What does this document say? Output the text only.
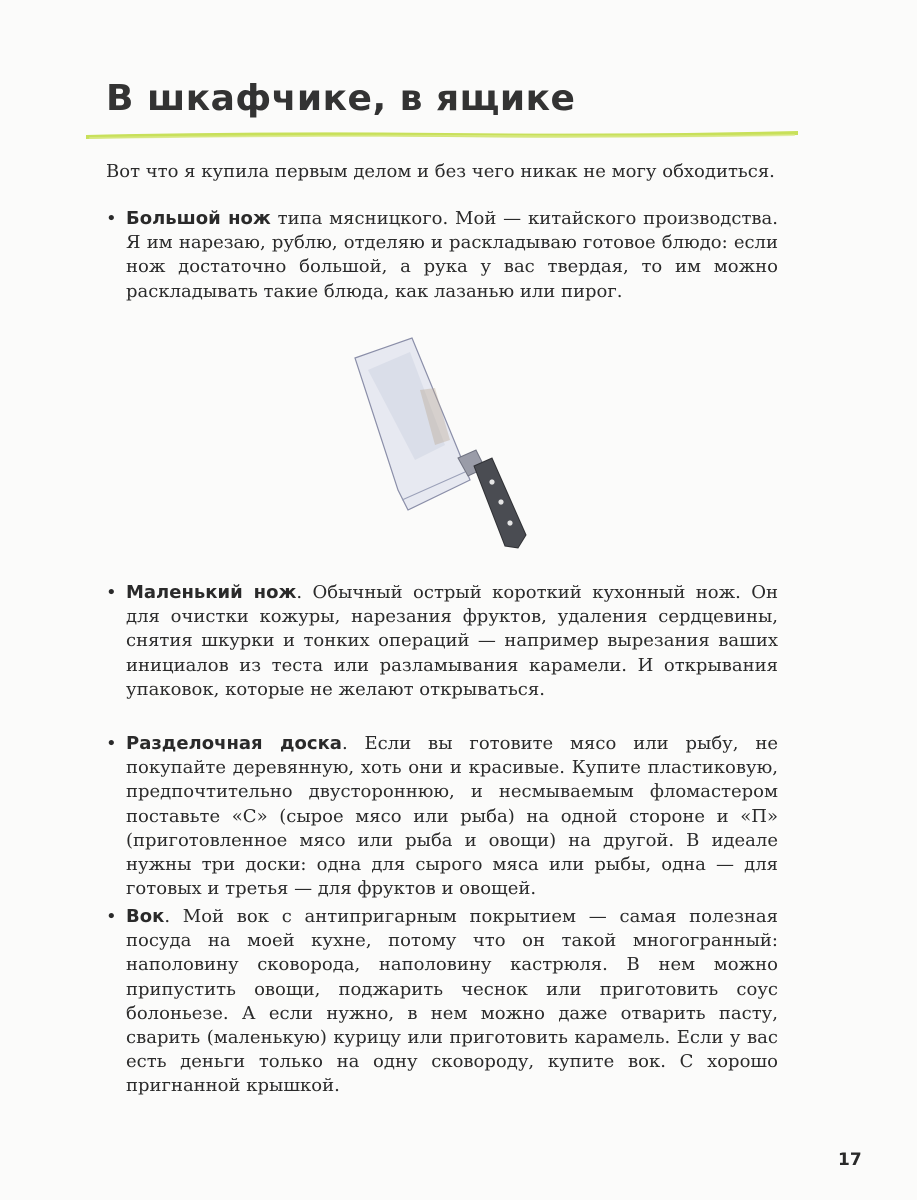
В шкафчике, в ящике

Вот что я купила первым делом и без чего никак не могу обходиться.

• Большой нож типа мясницкого. Мой — китайского производства. Я им нарезаю, рублю, отделяю и раскладываю готовое блюдо: если нож достаточно большой, а рука у вас твердая, то им можно раскладывать такие блюда, как лазанью или пирог.
• Маленький нож. Обычный острый короткий кухонный нож. Он для очистки кожуры, нарезания фруктов, удаления сердцевины, снятия шкурки и тонких операций — например вырезания ваших инициалов из теста или разламывания карамели. И открывания упаковок, которые не желают открываться.
• Разделочная доска. Если вы готовите мясо или рыбу, не покупайте деревянную, хоть они и красивые. Купите пластиковую, предпочтительно двустороннюю, и несмываемым фломастером поставьте «С» (сырое мясо или рыба) на одной стороне и «П» (приготовленное мясо или рыба и овощи) на другой. В идеале нужны три доски: одна для сырого мяса или рыбы, одна — для готовых и третья — для фруктов и овощей.
• Вок. Мой вок с антипригарным покрытием — самая полезная посуда на моей кухне, потому что он такой многогранный: наполовину сковорода, наполовину кастрюля. В нем можно припустить овощи, поджарить чеснок или приготовить соус болоньезе. А если нужно, в нем можно даже отварить пасту, сварить (маленькую) курицу или приготовить карамель. Если у вас есть деньги только на одну сковороду, купите вок. С хорошо пригнанной крышкой.
17
